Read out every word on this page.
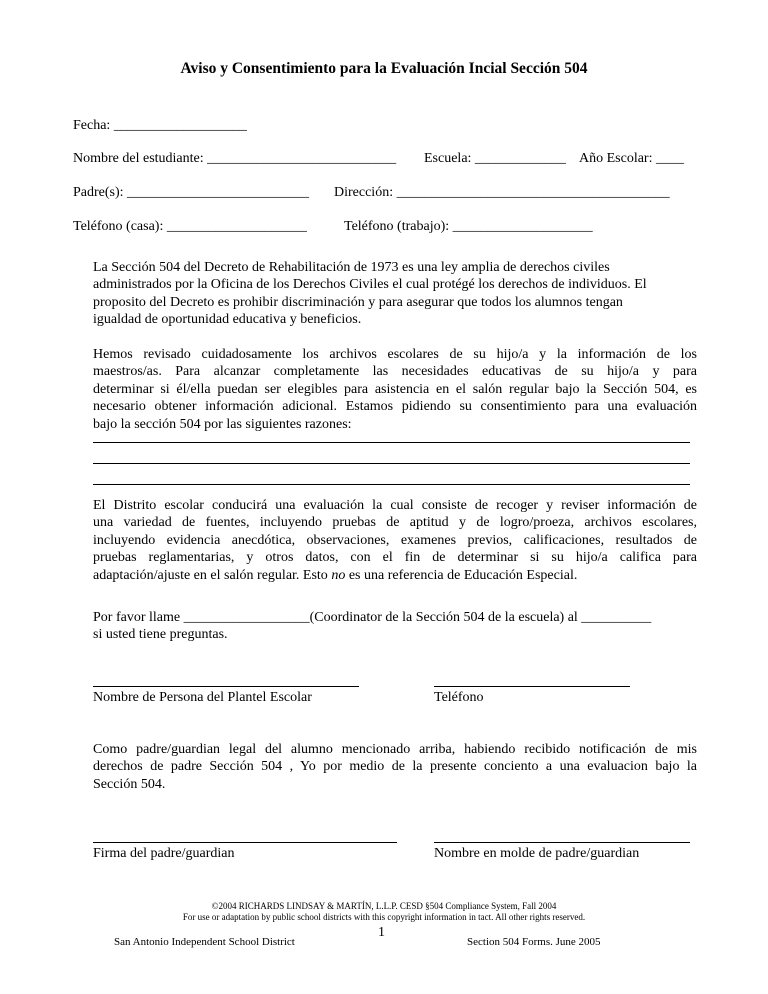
Aviso y Consentimiento para la Evaluación Incial Sección 504
Fecha: ___________________
Nombre del estudiante: ___________________________ Escuela: _____________ Año Escolar: ____
Padre(s): __________________________ Dirección: _______________________________________
Teléfono (casa): ____________________	Teléfono (trabajo): ____________________
La Sección 504 del Decreto de Rehabilitación de 1973 es una ley amplia de derechos civiles
administrados por la Oficina de los Derechos Civiles el cual protégé los derechos de individuos. El
proposito del Decreto es prohibir discriminación y para asegurar que todos los alumnos tengan
igualdad de oportunidad educativa y beneficios.
Hemos revisado cuidadosamente los archivos escolares de su hijo/a y la información de los
maestros/as. Para alcanzar completamente las necesidades educativas de su hijo/a y para
determinar si él/ella puedan ser elegibles para asistencia en el salón regular bajo la Sección 504, es
necesario obtener información adicional. Estamos pidiendo su consentimiento para una evaluación
bajo la sección 504 por las siguientes razones:
El Distrito escolar conducirá una evaluación la cual consiste de recoger y reviser información de
una variedad de fuentes, incluyendo pruebas de aptitud y de logro/proeza, archivos escolares,
incluyendo evidencia anecdótica, observaciones, examenes previos, calificaciones, resultados de
pruebas reglamentarias, y otros datos, con el fin de determinar si su hijo/a califica para
adaptación/ajuste en el salón regular. Esto no es una referencia de Educación Especial.
Por favor llame __________________(Coordinator de la Sección 504 de la escuela) al __________
si usted tiene preguntas.
Nombre de Persona del Plantel Escolar	Teléfono
Como padre/guardian legal del alumno mencionado arriba, habiendo recibido notificación de mis
derechos de padre Sección 504 , Yo por medio de la presente conciento a una evaluacion bajo la
Sección 504.
Firma del padre/guardian	Nombre en molde de padre/guardian
©2004 RICHARDS LINDSAY & MARTÍN, L.L.P. CESD §504 Compliance System, Fall 2004
For use or adaptation by public school districts with this copyright information in tact. All other rights reserved.
San Antonio Independent School District
1
Section 504 Forms. June 2005
